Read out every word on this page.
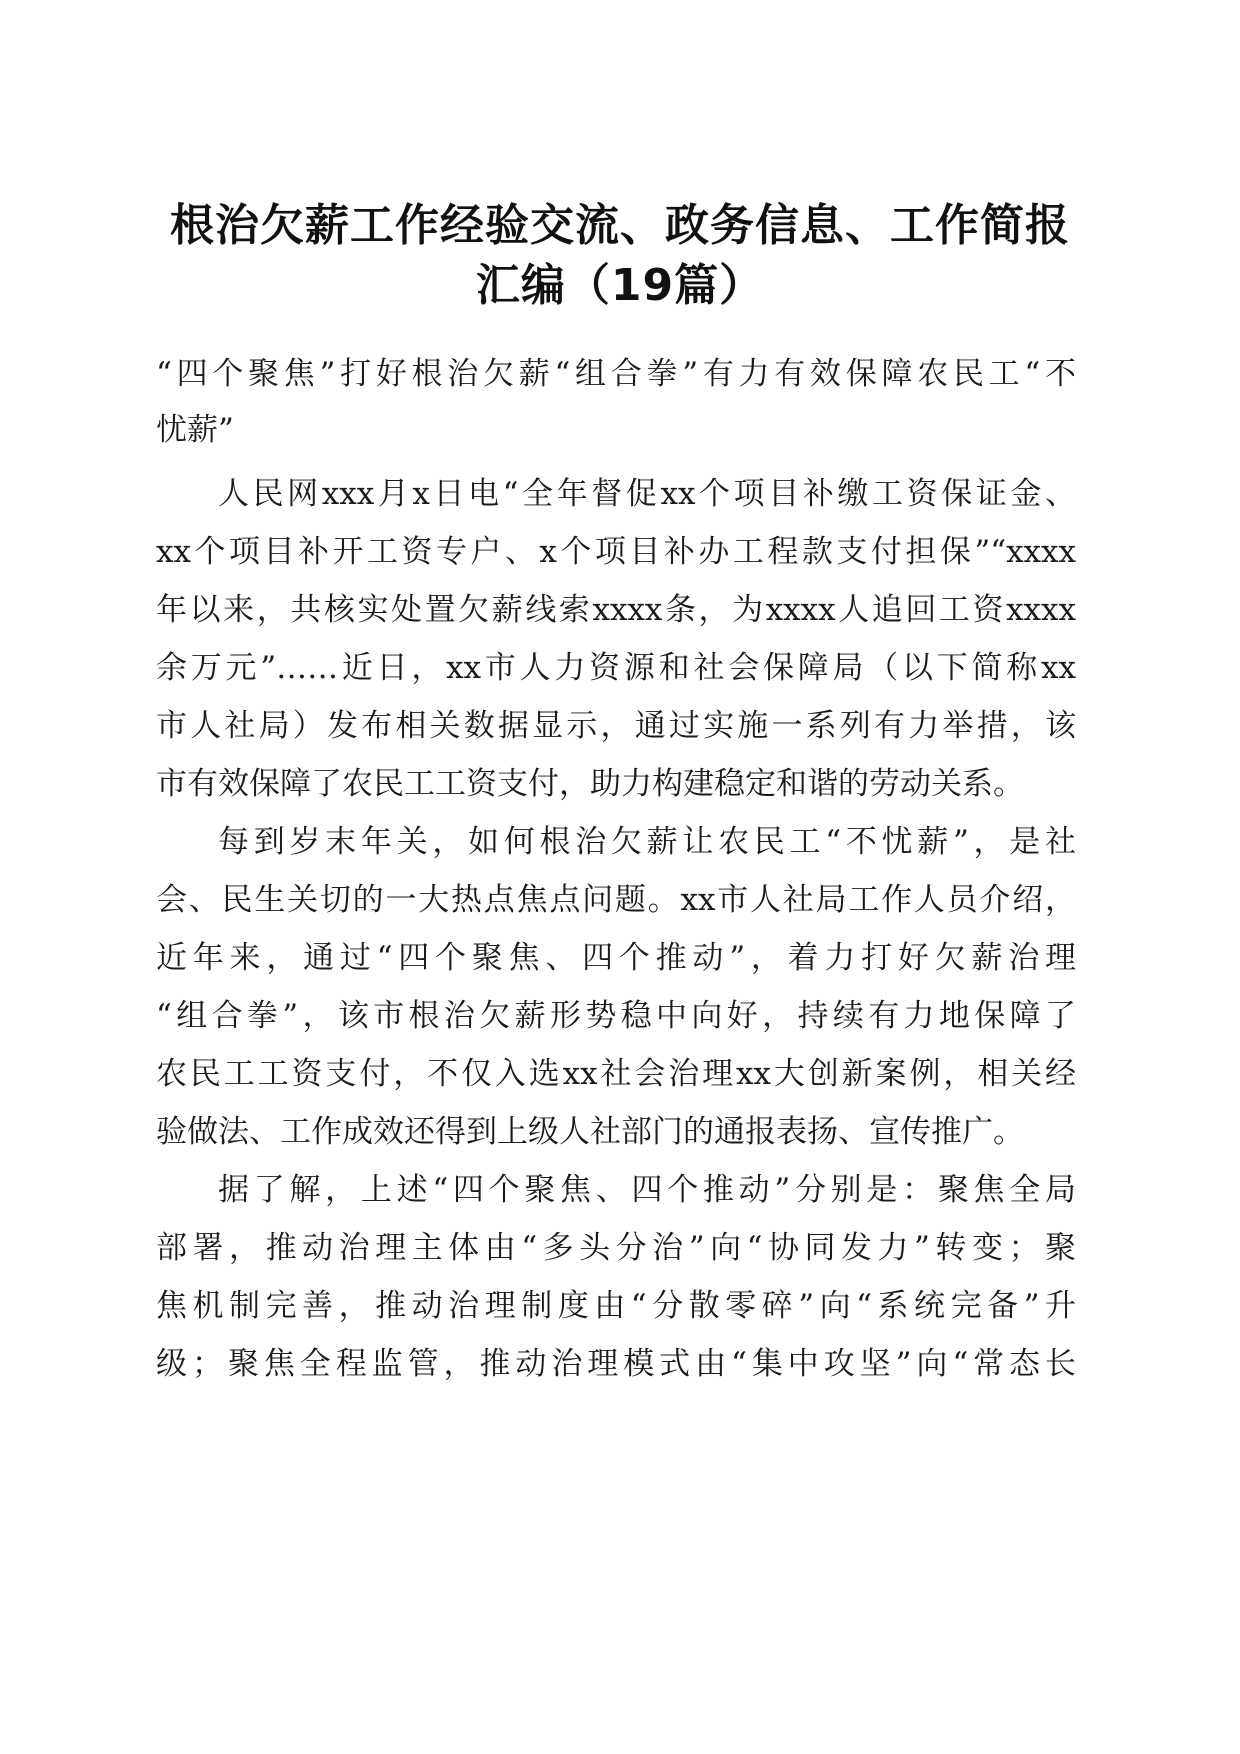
根治欠薪工作经验交流、政务信息、工作简报
汇编（19篇）
“四个聚焦”打好根治欠薪“组合拳”有力有效保障农民工“不
忧薪”
人民网xxx月x日电“全年督促xx个项目补缴工资保证金、
xx个项目补开工资专户、x个项目补办工程款支付担保”“xxxx
年以来，共核实处置欠薪线索xxxx条，为xxxx人追回工资xxxx
余万元”……近日，xx市人力资源和社会保障局（以下简称xx
市人社局）发布相关数据显示，通过实施一系列有力举措，该
市有效保障了农民工工资支付，助力构建稳定和谐的劳动关系。
每到岁末年关，如何根治欠薪让农民工“不忧薪”，是社
会、民生关切的一大热点焦点问题。xx市人社局工作人员介绍，
近年来，通过“四个聚焦、四个推动”，着力打好欠薪治理
“组合拳”，该市根治欠薪形势稳中向好，持续有力地保障了
农民工工资支付，不仅入选xx社会治理xx大创新案例，相关经
验做法、工作成效还得到上级人社部门的通报表扬、宣传推广。
据了解，上述“四个聚焦、四个推动”分别是：聚焦全局
部署，推动治理主体由“多头分治”向“协同发力”转变；聚
焦机制完善，推动治理制度由“分散零碎”向“系统完备”升
级；聚焦全程监管，推动治理模式由“集中攻坚”向“常态长
